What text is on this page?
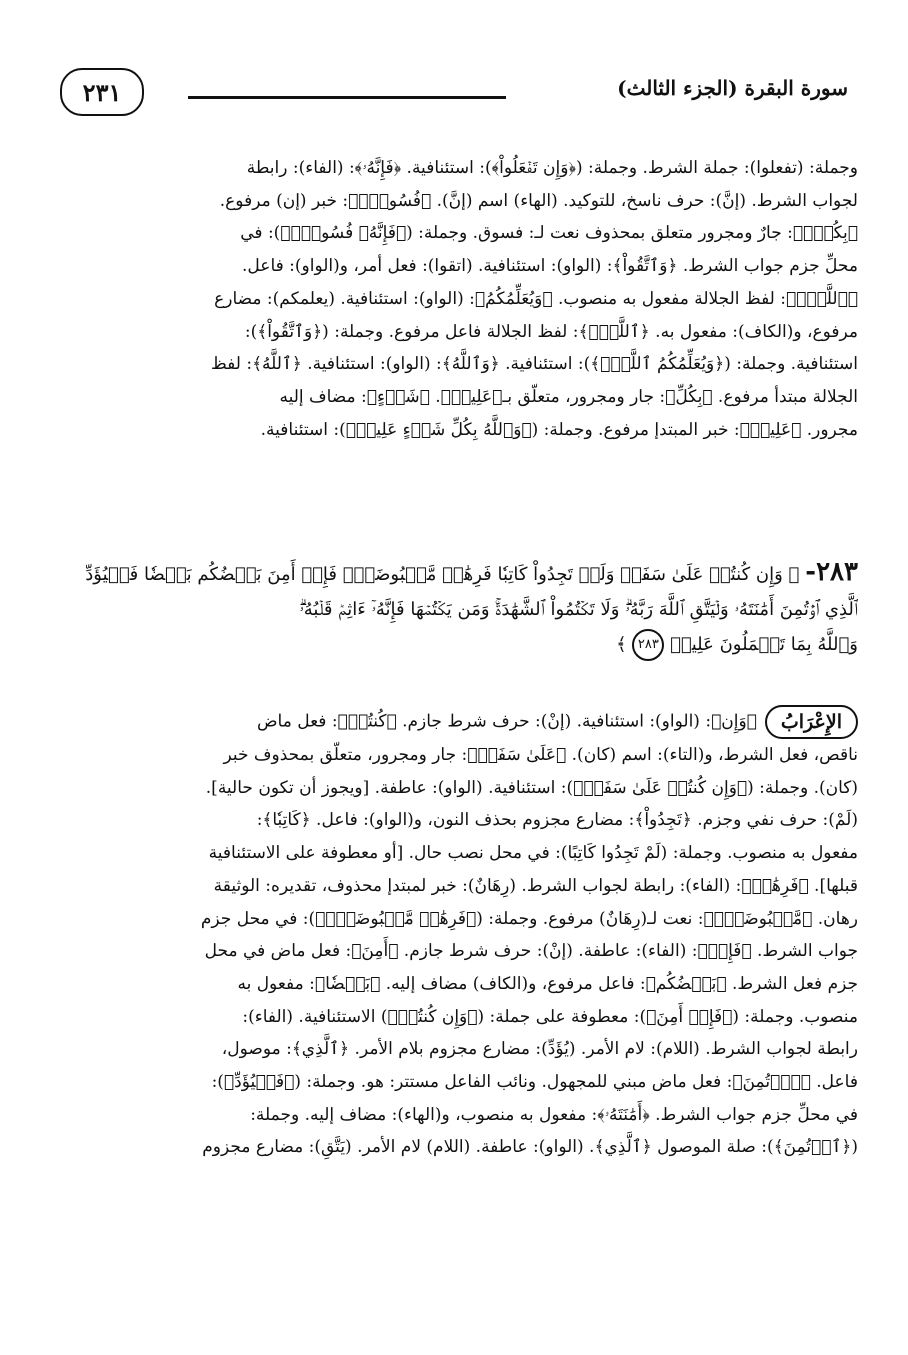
٢٣١	سورة البقرة (الجزء الثالث)

وجملة: (تفعلوا): جملة الشرط. وجملة: (﴿وَإِن تَفۡعَلُواْ﴾): استئنافية. ﴿فَإِنَّهُۥ﴾: (الفاء): رابطة

لجواب الشرط. (إنَّ): حرف ناسخ، للتوكيد. (الهاء) اسم (إنَّ). ﴿فُسُوقُۢ﴾: خبر (إن) مرفوع.

﴿بِكُمۡۗ﴾: جارٌ ومجرور متعلق بمحذوف نعت لـ: فسوق. وجملة: (﴿فَإِنَّهُۥ فُسُوقُۢ﴾): في

محلِّ جزم جواب الشرط. ﴿وَٱتَّقُواْ﴾: (الواو): استئنافية. (اتقوا): فعل أمر، و(الواو): فاعل.

﴿ٱللَّهَۖ﴾: لفظ الجلالة مفعول به منصوب. ﴿وَيُعَلِّمُكُمُ﴾: (الواو): استئنافية. (يعلمكم): مضارع

مرفوع، و(الكاف): مفعول به. ﴿ٱللَّهُۗ﴾: لفظ الجلالة فاعل مرفوع. وجملة: (﴿وَٱتَّقُواْ﴾):

استئنافية. وجملة: (﴿وَيُعَلِّمُكُمُ ٱللَّهُۗ﴾): استئنافية. ﴿وَٱللَّهُ﴾: (الواو): استئنافية. ﴿ٱللَّهُ﴾: لفظ

الجلالة مبتدأ مرفوع. ﴿بِكُلِّ﴾: جار ومجرور، متعلّق بـ﴿عَلِيمٞ﴾. ﴿شَيۡءٍ﴾: مضاف إليه

مجرور. ﴿عَلِيمٞ﴾: خبر المبتدإ مرفوع. وجملة: (﴿وَٱللَّهُ بِكُلِّ شَيۡءٍ عَلِيمٞ﴾): استئنافية.

٢٨٣-﴿ وَإِن كُنتُمۡ عَلَىٰ سَفَرٖ وَلَمۡ تَجِدُواْ كَاتِبٗا فَرِهَٰنٞ مَّقۡبُوضَةٞۖ فَإِنۡ أَمِنَ بَعۡضُكُم بَعۡضٗا فَلۡيُؤَدِّ

ٱلَّذِي ٱؤۡتُمِنَ أَمَٰنَتَهُۥ وَلۡيَتَّقِ ٱللَّهَ رَبَّهُۥۗ وَلَا تَكۡتُمُواْ ٱلشَّهَٰدَةَۚ وَمَن يَكۡتُمۡهَا فَإِنَّهُۥٓ ءَاثِمٞ قَلۡبُهُۥۗ

وَٱللَّهُ بِمَا تَعۡمَلُونَ عَلِيمٞ ٢٨٣ ﴾

الإِعْرَابُ﴿وَإِن﴾: (الواو): استئنافية. (إنْ): حرف شرط جازم. ﴿كُنتُمۡ﴾: فعل ماض

ناقص، فعل الشرط، و(التاء): اسم (كان). ﴿عَلَىٰ سَفَرٖ﴾: جار ومجرور، متعلّق بمحذوف خبر

(كان). وجملة: (﴿وَإِن كُنتُمۡ عَلَىٰ سَفَرٖ﴾): استئنافية. (الواو): عاطفة. [ويجوز أن تكون حالية].

(لَمْ): حرف نفي وجزم. ﴿تَجِدُواْ﴾: مضارع مجزوم بحذف النون، و(الواو): فاعل. ﴿كَاتِبٗا﴾:

مفعول به منصوب. وجملة: (لَمْ تَجِدُوا كَاتِبًا): في محل نصب حال. [أو معطوفة على الاستئنافية

قبلها]. ﴿فَرِهَٰنٞ﴾: (الفاء): رابطة لجواب الشرط. (رِهَانٌ): خبر لمبتدإ محذوف، تقديره: الوثيقة

رهان. ﴿مَّقۡبُوضَةٞۖ﴾: نعت لـ(رِهَانٌ) مرفوع. وجملة: (﴿فَرِهَٰنٞ مَّقۡبُوضَةٞۖ﴾): في محل جزم

جواب الشرط. ﴿فَإِنۡ﴾: (الفاء): عاطفة. (إنْ): حرف شرط جازم. ﴿أَمِنَ﴾: فعل ماض في محل

جزم فعل الشرط. ﴿بَعۡضُكُم﴾: فاعل مرفوع، و(الكاف) مضاف إليه. ﴿بَعۡضٗا﴾: مفعول به

منصوب. وجملة: (﴿فَإِنۡ أَمِنَ﴾): معطوفة على جملة: (﴿وَإِن كُنتُمۡ﴾) الاستئنافية. (الفاء):

رابطة لجواب الشرط. (اللام): لام الأمر. (يُؤَدِّ): مضارع مجزوم بلام الأمر. ﴿ٱلَّذِي﴾: موصول،

فاعل. ﴿ٱؤۡتُمِنَ﴾: فعل ماض مبني للمجهول. ونائب الفاعل مستتر: هو. وجملة: (﴿فَلۡيُؤَدِّ﴾):

في محلِّ جزم جواب الشرط. ﴿أَمَٰنَتَهُۥ﴾: مفعول به منصوب، و(الهاء): مضاف إليه. وجملة:

(﴿ٱؤۡتُمِنَ﴾): صلة الموصول ﴿ٱلَّذِي﴾. (الواو): عاطفة. (اللام) لام الأمر. (يَتَّقِ): مضارع مجزوم
